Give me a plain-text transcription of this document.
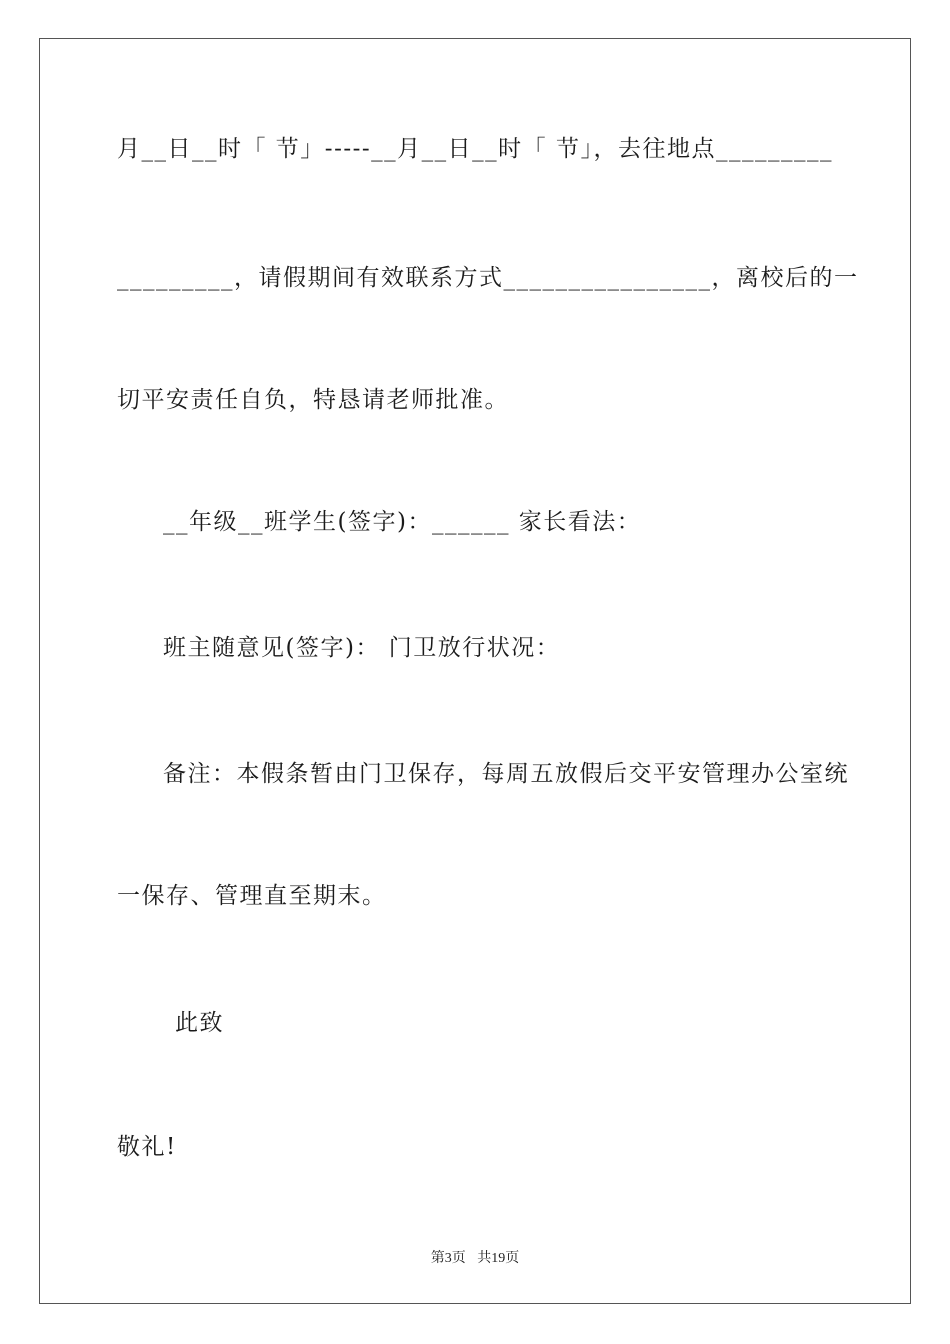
月__日__时「 节」-----__月__日__时「 节」，去往地点_________
_________，请假期间有效联系方式________________，离校后的一
切平安责任自负，特恳请老师批准。
__年级__班学生(签字)：______ 家长看法：
班主随意见(签字)： 门卫放行状况：
备注：本假条暂由门卫保存，每周五放假后交平安管理办公室统
一保存、管理直至期末。
此致
敬礼!
第3页 共19页
